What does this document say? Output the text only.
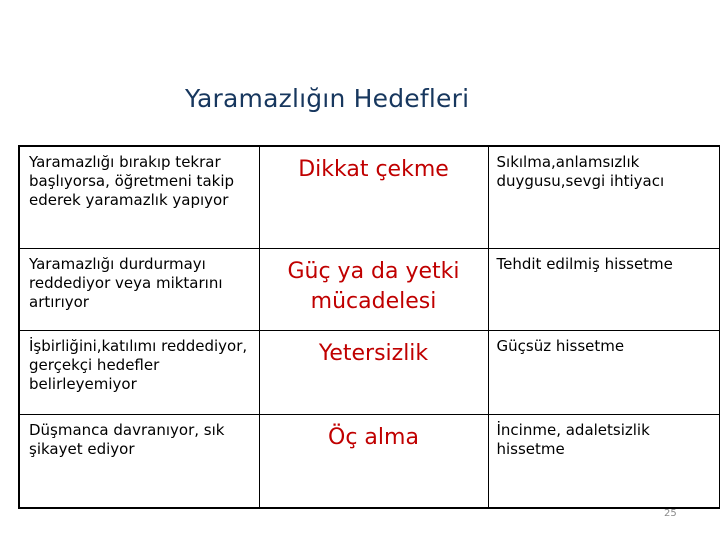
Yaramazlığın Hedefleri
Yaramazlığı bırakıp tekrar başlıyorsa, öğretmeni takip ederek yaramazlık yapıyor	Dikkat çekme	Sıkılma,anlamsızlık duygusu,sevgi ihtiyacı

Yaramazlığı durdurmayı reddediyor veya miktarını artırıyor	Güç ya da yetki mücadelesi	Tehdit edilmiş hissetme

İşbirliğini,katılımı reddediyor, gerçekçi hedefler belirleyemiyor	Yetersizlik	Güçsüz hissetme

Düşmanca davranıyor, sık şikayet ediyor	Öç alma	İncinme, adaletsizlik hissetme
25
